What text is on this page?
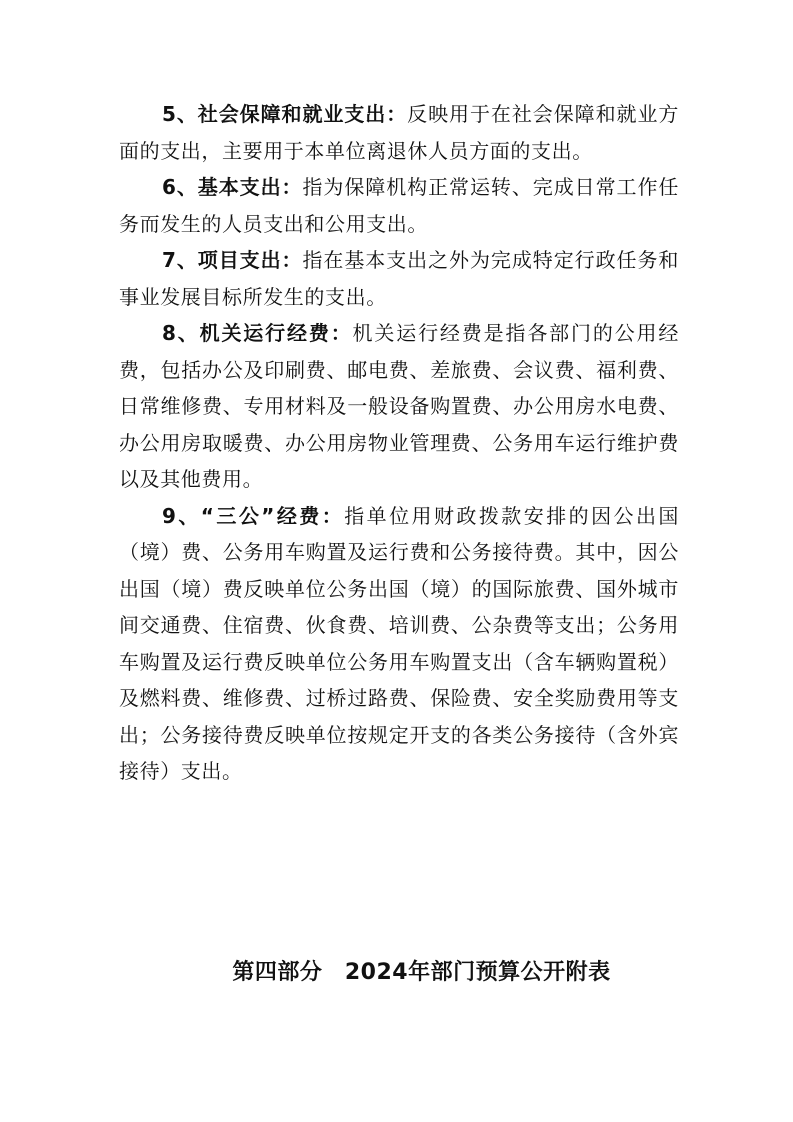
5、社会保障和就业支出：反映用于在社会保障和就业方面的支出，主要用于本单位离退休人员方面的支出。

6、基本支出：指为保障机构正常运转、完成日常工作任务而发生的人员支出和公用支出。

7、项目支出：指在基本支出之外为完成特定行政任务和事业发展目标所发生的支出。

8、机关运行经费：机关运行经费是指各部门的公用经费，包括办公及印刷费、邮电费、差旅费、会议费、福利费、日常维修费、专用材料及一般设备购置费、办公用房水电费、办公用房取暖费、办公用房物业管理费、公务用车运行维护费以及其他费用。

9、“三公”经费：指单位用财政拨款安排的因公出国（境）费、公务用车购置及运行费和公务接待费。其中，因公出国（境）费反映单位公务出国（境）的国际旅费、国外城市间交通费、住宿费、伙食费、培训费、公杂费等支出；公务用车购置及运行费反映单位公务用车购置支出（含车辆购置税）及燃料费、维修费、过桥过路费、保险费、安全奖励费用等支出；公务接待费反映单位按规定开支的各类公务接待（含外宾接待）支出。

第四部分　2024年部门预算公开附表
